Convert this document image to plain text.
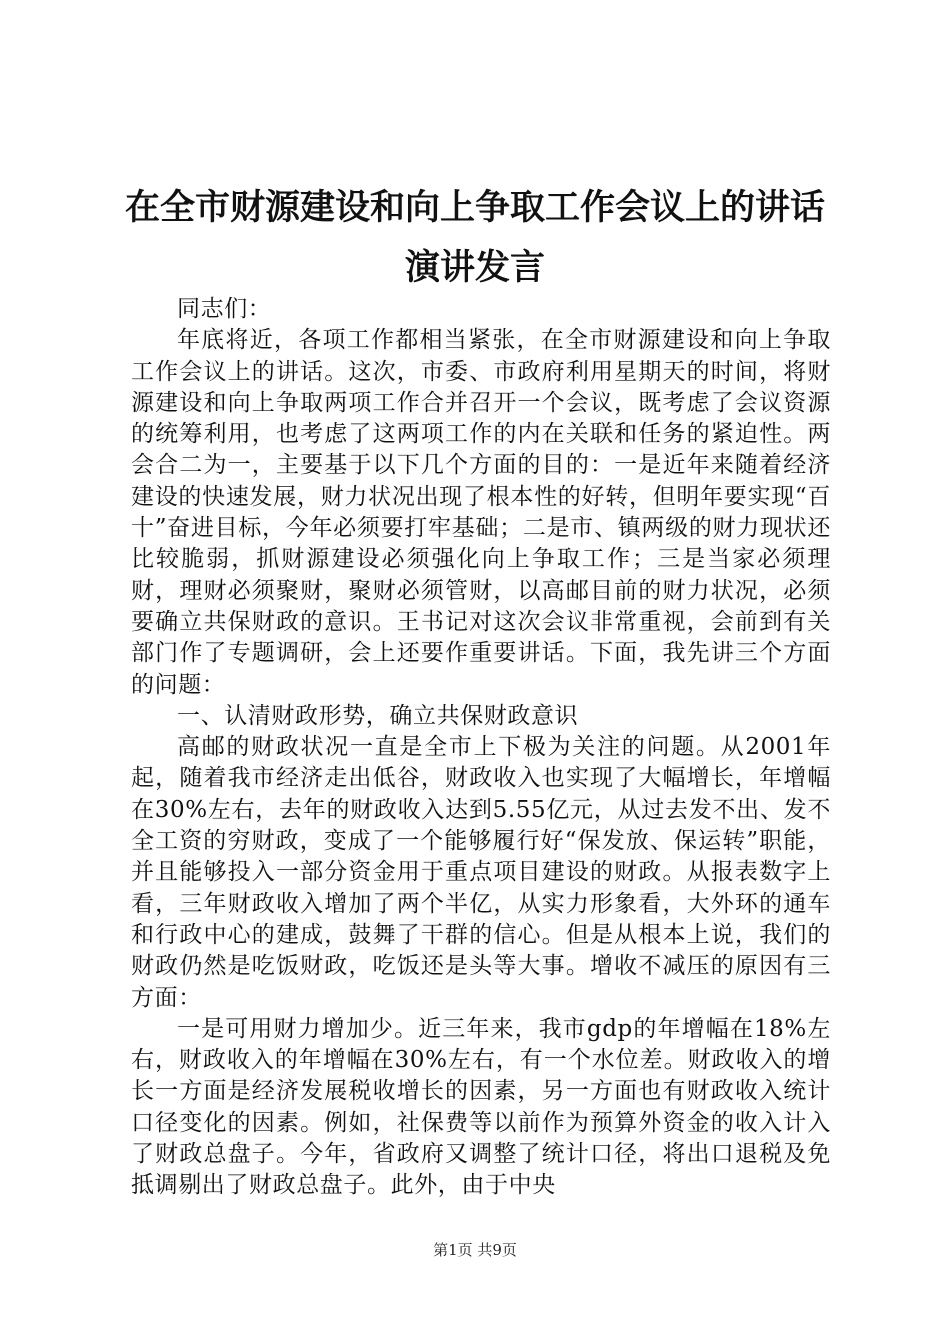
在全市财源建设和向上争取工作会议上的讲话
演讲发言

同志们：

年底将近，各项工作都相当紧张，在全市财源建设和向上争取工作会议上的讲话。这次，市委、市政府利用星期天的时间，将财源建设和向上争取两项工作合并召开一个会议，既考虑了会议资源的统筹利用，也考虑了这两项工作的内在关联和任务的紧迫性。两会合二为一，主要基于以下几个方面的目的：一是近年来随着经济建设的快速发展，财力状况出现了根本性的好转，但明年要实现“百十”奋进目标，今年必须要打牢基础；二是市、镇两级的财力现状还比较脆弱，抓财源建设必须强化向上争取工作；三是当家必须理财，理财必须聚财，聚财必须管财，以高邮目前的财力状况，必须要确立共保财政的意识。王书记对这次会议非常重视，会前到有关部门作了专题调研，会上还要作重要讲话。下面，我先讲三个方面的问题：

一、认清财政形势，确立共保财政意识

高邮的财政状况一直是全市上下极为关注的问题。从2001年起，随着我市经济走出低谷，财政收入也实现了大幅增长，年增幅在30%左右，去年的财政收入达到5.55亿元，从过去发不出、发不全工资的穷财政，变成了一个能够履行好“保发放、保运转”职能，并且能够投入一部分资金用于重点项目建设的财政。从报表数字上看，三年财政收入增加了两个半亿，从实力形象看，大外环的通车和行政中心的建成，鼓舞了干群的信心。但是从根本上说，我们的财政仍然是吃饭财政，吃饭还是头等大事。增收不减压的原因有三方面：

一是可用财力增加少。近三年来，我市gdp的年增幅在18%左右，财政收入的年增幅在30%左右，有一个水位差。财政收入的增长一方面是经济发展税收增长的因素，另一方面也有财政收入统计口径变化的因素。例如，社保费等以前作为预算外资金的收入计入了财政总盘子。今年，省政府又调整了统计口径，将出口退税及免抵调剔出了财政总盘子。此外，由于中央

第1页 共9页
